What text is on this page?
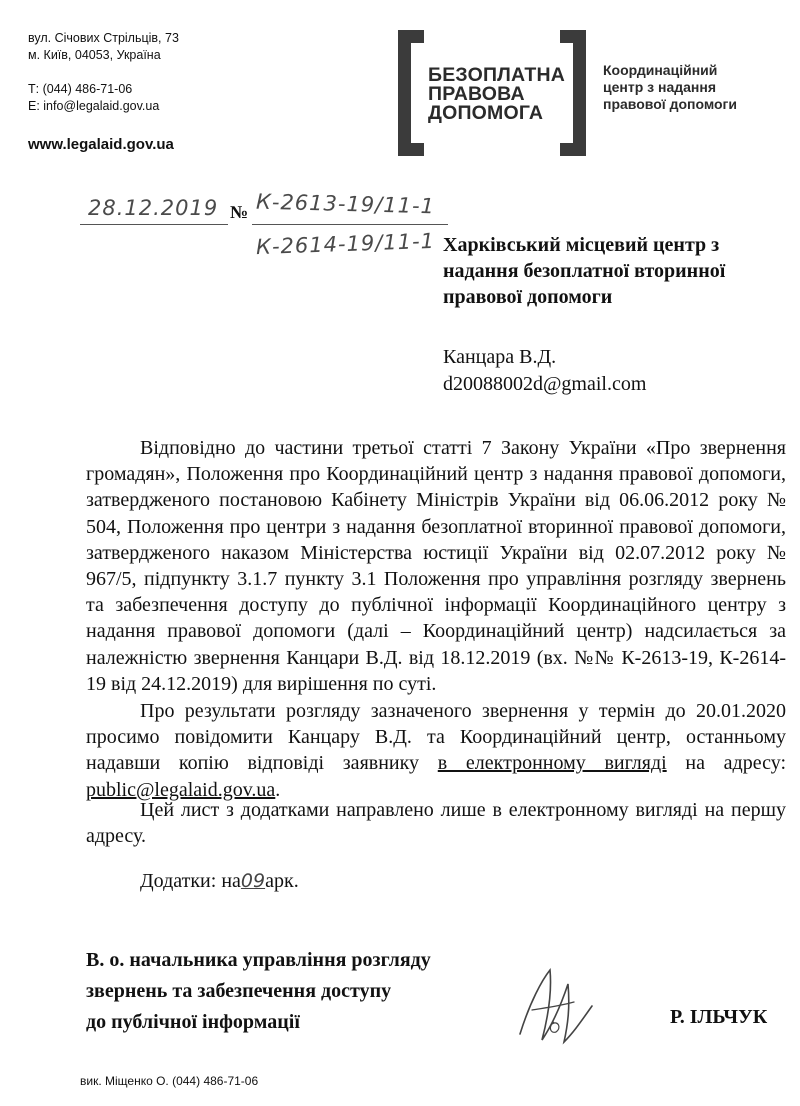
вул. Січових Стрільців, 73
м. Київ, 04053, Україна
Т: (044) 486-71-06
E: info@legalaid.gov.ua
www.legalaid.gov.ua
БЕЗОПЛАТНА
ПРАВОВА
ДОПОМОГА
Координаційний
центр з надання
правової допомоги
28.12.2019 № К-2613-19/11-1
К-2614-19/11-1 Харківський місцевий центр з
надання безоплатної вторинної
правової допомоги
Канцара В.Д.
d20088002d@gmail.com
Відповідно до частини третьої статті 7 Закону України «Про звернення громадян», Положення про Координаційний центр з надання правової допомоги, затвердженого постановою Кабінету Міністрів України від 06.06.2012 року № 504, Положення про центри з надання безоплатної вторинної правової допомоги, затвердженого наказом Міністерства юстиції України від 02.07.2012 року № 967/5, підпункту 3.1.7 пункту 3.1 Положення про управління розгляду звернень та забезпечення доступу до публічної інформації Координаційного центру з надання правової допомоги (далі – Координаційний центр) надсилається за належністю звернення Канцари В.Д. від 18.12.2019 (вх. №№ К-2613-19, К-2614-19 від 24.12.2019) для вирішення по суті.
Про результати розгляду зазначеного звернення у термін до 20.01.2020 просимо повідомити Канцару В.Д. та Координаційний центр, останньому надавши копію відповіді заявнику в електронному вигляді на адресу: public@legalaid.gov.ua.
Цей лист з додатками направлено лише в електронному вигляді на першу адресу.
Додатки: на09арк.
В. о. начальника управління розгляду
звернень та забезпечення доступу
до публічної інформації	Р. ІЛЬЧУК
вик. Міщенко О. (044) 486-71-06
